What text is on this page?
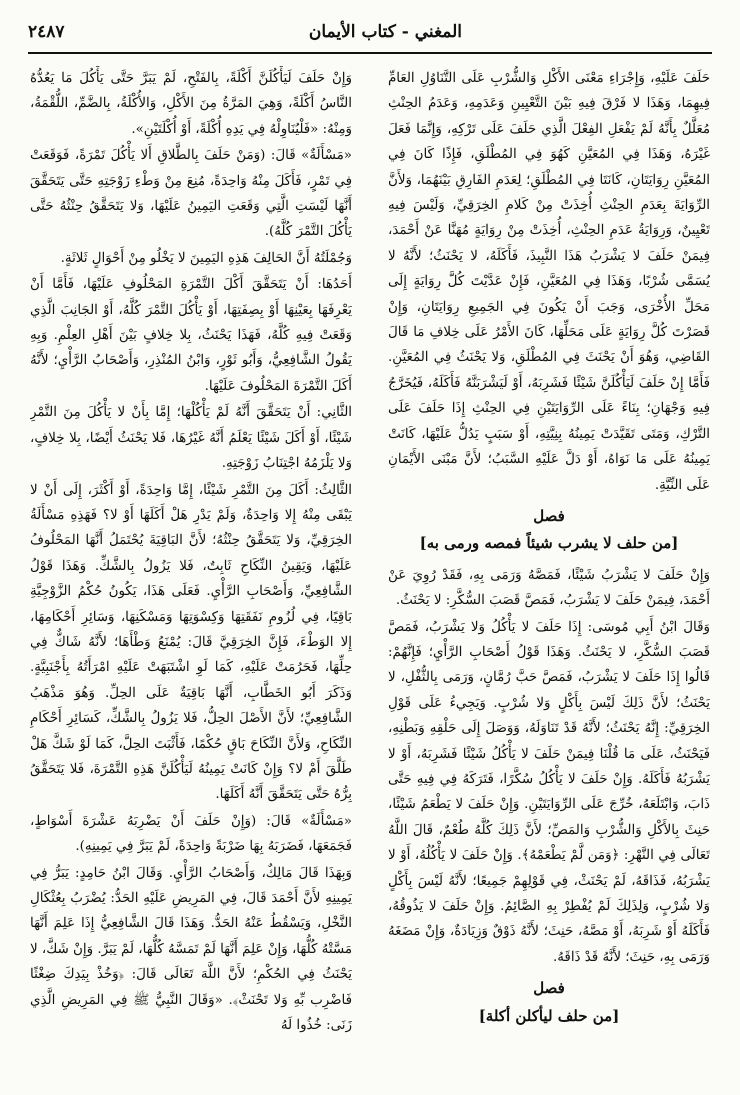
المغني - كتاب الأيمان
٢٤٨٧

حَلَفَ عَلَيْهِ، وَإِجْرَاءِ مَعْنَى الأَكْلِ وَالشُّرْبِ عَلَى التَّنَاوُلِ العَامِّ فِيهِمَا، وَهَذَا لا فَرْقَ فِيهِ بَيْنَ التَّعْيِينِ وَعَدَمِهِ، وَعَدَمُ الحِنْثِ مُعَلَّلٌ بِأَنَّهُ لَمْ يَفْعَلِ الفِعْلَ الَّذِي حَلَفَ عَلَى تَرْكِهِ، وَإِنَّمَا فَعَلَ غَيْرَهُ، وَهَذَا فِي المُعَيَّنِ كَهُوَ فِي المُطْلَقِ، فَإِذًا كَانَ فِي المُعَيَّنِ رِوَايَتَانِ، كَانَتَا فِي المُطْلَقِ؛ لِعَدَمِ الفَارِقِ بَيْنَهُمَا، وَلأَنَّ الرِّوَايَةَ بِعَدَمِ الحِنْثِ أُخِذَتْ مِنْ كَلامِ الخِرَقِيِّ، وَلَيْسَ فِيهِ تَعْيِينٌ، وَرِوَايَةُ عَدَمِ الحِنْثِ، أُخِذَتْ مِنْ رِوَايَةٍ مُهَنَّا عَنْ أَحْمَدَ، فِيمَنْ حَلَفَ لا يَشْرَبُ هَذَا النَّبِيذَ، فَأَكَلَهُ، لا يَحْنَثُ؛ لأَنَّهُ لا يُسَمَّى شُرْبًا، وَهَذَا فِي المُعَيَّنِ، فَإِنْ عَدَّيْتَ كُلَّ رِوَايَةٍ إِلَى مَحَلِّ الأُخْرَى، وَجَبَ أَنْ يَكُونَ فِي الجَمِيعِ رِوَايَتَانِ، وَإِنْ قَصَرْتَ كُلَّ رِوَايَةٍ عَلَى مَحَلِّهَا، كَانَ الأَمْرُ عَلَى خِلافِ مَا قَالَ القَاضِي، وَهُوَ أَنْ يَحْنَثَ فِي المُطْلَقِ، وَلا يَحْنَثُ فِي المُعَيَّنِ. فَأَمَّا إِنْ حَلَفَ لَيَأْكُلَنَّ شَيْئًا فَشَرِبَهُ، أَوْ لَيَشْرَبَنَّهُ فَأَكَلَهُ، فَيُخَرَّجُ فِيهِ وَجْهَانِ؛ بِنَاءً عَلَى الرِّوَايَتَيْنِ فِي الحِنْثِ إِذَا حَلَفَ عَلَى التَّرْكِ، وَمَتَى تَقَيَّدَتْ يَمِينُهُ بِنِيَّتِهِ، أَوْ سَبَبٍ يَدُلُّ عَلَيْهَا، كَانَتْ يَمِينُهُ عَلَى مَا نَوَاهُ، أَوْ دَلَّ عَلَيْهِ السَّبَبُ؛ لأَنَّ مَبْنَى الأَيْمَانِ عَلَى النِّيَّةِ.

فصل
[من حلف لا يشرب شيئاً فمصه ورمى به]

وَإِنْ حَلَفَ لا يَشْرَبُ شَيْئًا، فَمَصَّهُ وَرَمَى بِهِ، فَقَدْ رُوِيَ عَنْ أَحْمَدَ، فِيمَنْ حَلَفَ لا يَشْرَبُ، فَمَصَّ قَصَبَ السُّكَّرِ: لا يَحْنَثُ.

وَقَالَ ابْنُ أَبِي مُوسَى: إِذَا حَلَفَ لا يَأْكُلُ وَلا يَشْرَبُ، فَمَصَّ قَصَبَ السُّكَّرِ، لا يَحْنَثُ. وَهَذَا قَوْلُ أَصْحَابِ الرَّأْيِ؛ فَإِنَّهُمْ: قَالُوا إِذَا حَلَفَ لا يَشْرَبُ، فَمَصَّ حَبَّ رُمَّانٍ، وَرَمَى بِالثُّفْلِ، لا يَحْنَثُ؛ لأَنَّ ذَلِكَ لَيْسَ بِأَكْلٍ وَلا شُرْبٍ. وَيَجِيءُ عَلَى قَوْلِ الخِرَقِيِّ: إِنَّهُ يَحْنَثُ؛ لأَنَّهُ قَدْ تَنَاوَلَهُ، وَوَصَلَ إِلَى حَلْقِهِ وَبَطْنِهِ، فَيَحْنَثُ، عَلَى مَا قُلْنَا فِيمَنْ حَلَفَ لا يَأْكُلُ شَيْئًا فَشَرِبَهُ، أَوْ لا يَشْرَبُهُ فَأَكَلَهُ. وَإِنْ حَلَفَ لا يَأْكُلُ سُكَّرًا، فَتَرَكَهُ فِي فِيهِ حَتَّى ذَابَ، وَابْتَلَعَهُ، خُرِّجَ عَلَى الرِّوَايَتَيْنِ. وَإِنْ حَلَفَ لا يَطْعَمُ شَيْئًا، حَنِثَ بِالأَكْلِ وَالشُّرْبِ وَالمَصِّ؛ لأَنَّ ذَلِكَ كُلَّهُ طُعْمٌ، قَالَ اللَّهُ تَعَالَى فِي النَّهْرِ: ﴿وَمَن لَّمْ يَطْعَمْهُ﴾. وَإِنْ حَلَفَ لا يَأْكُلُهُ، أَوْ لا يَشْرَبُهُ، فَذَاقَهُ، لَمْ يَحْنَثْ، فِي قَوْلِهِمْ جَمِيعًا؛ لأَنَّهُ لَيْسَ بِأَكْلٍ وَلا شُرْبٍ، وَلِذَلِكَ لَمْ يُفْطِرْ بِهِ الصَّائِمُ. وَإِنْ حَلَفَ لا يَذُوقُهُ، فَأَكَلَهُ أَوْ شَرِبَهُ، أَوْ مَصَّهُ، حَنِثَ؛ لأَنَّهُ ذَوْقٌ وَزِيَادَةٌ، وَإِنْ مَضَغَهُ وَرَمَى بِهِ، حَنِثَ؛ لأَنَّهُ قَدْ ذَاقَهُ.

فصل
[من حلف ليأكلن أكلة]

وَإِنْ حَلَفَ لَيَأْكُلَنَّ أَكْلَةً، بِالفَتْحِ، لَمْ يَبَرَّ حَتَّى يَأْكُلَ مَا يَعُدُّهُ النَّاسُ أَكْلَةً، وَهِيَ المَرَّةُ مِنَ الأَكْلِ، وَالأُكْلَةُ، بِالضَّمِّ، اللُّقْمَةُ، وَمِنْهُ: «فَلْيُنَاوِلْهُ فِي يَدِهِ أُكْلَةً، أَوْ أُكْلَتَيْنِ».

«مَسْأَلَةٌ» قَالَ: (وَمَنْ حَلَفَ بِالطَّلاقِ أَلا يَأْكُلَ تَمْرَةً، فَوَقَعَتْ فِي تَمْرٍ، فَأَكَلَ مِنْهُ وَاحِدَةً، مُنِعَ مِنْ وَطْءِ زَوْجَتِهِ حَتَّى يَتَحَقَّقَ أَنَّهَا لَيْسَتِ الَّتِي وَقَعَتِ اليَمِينُ عَلَيْهَا، وَلا يَتَحَقَّقُ حِنْثُهُ حَتَّى يَأْكُلَ التَّمْرَ كُلَّهُ).

وَجُمْلَتُهُ أَنَّ الحَالِفَ هَذِهِ اليَمِينَ لا يَخْلُو مِنْ أَحْوَالٍ ثَلاثَةٍ.

أَحَدُهَا: أَنْ يَتَحَقَّقَ أَكْلَ التَّمْرَةِ المَحْلُوفِ عَلَيْهَا، فَأَمَّا أَنْ يَعْرِفَهَا بِعَيْنِهَا أَوْ بِصِفَتِهَا، أَوْ يَأْكُلَ التَّمْرَ كُلَّهُ، أَوْ الجَانِبَ الَّذِي وَقَعَتْ فِيهِ كُلَّهُ، فَهَذَا يَحْنَثُ، بِلا خِلافٍ بَيْنَ أَهْلِ العِلْمِ. وَبِهِ يَقُولُ الشَّافِعِيُّ، وَأَبُو ثَوْرٍ، وَابْنُ المُنْذِرِ، وَأَصْحَابُ الرَّأْيِ؛ لأَنَّهُ أَكَلَ التَّمْرَةَ المَحْلُوفَ عَلَيْهَا.

الثَّانِي: أَنْ يَتَحَقَّقَ أَنَّهُ لَمْ يَأْكُلْهَا؛ إِمَّا بِأَنْ لا يَأْكُلَ مِنَ التَّمْرِ شَيْئًا، أَوْ أَكَلَ شَيْئًا يَعْلَمُ أَنَّهُ غَيْرُهَا، فَلا يَحْنَثُ أَيْضًا، بِلا خِلافٍ، وَلا يَلْزَمُهُ اجْتِنَابُ زَوْجَتِهِ.

الثَّالِثُ: أَكَلَ مِنَ التَّمْرِ شَيْئًا، إِمَّا وَاحِدَةً، أَوْ أَكْثَرَ، إِلَى أَنْ لا يَبْقَى مِنْهُ إِلا وَاحِدَةٌ، وَلَمْ يَدْرِ هَلْ أَكَلَهَا أَوْ لا؟ فَهَذِهِ مَسْأَلَةُ الخِرَقِيِّ، وَلا يَتَحَقَّقُ حِنْثُهُ؛ لأَنَّ البَاقِيَةَ يُحْتَمَلُ أَنَّهَا المَحْلُوفُ عَلَيْهَا، وَيَقِينُ النِّكَاحِ ثَابِتٌ، فَلا يَزُولُ بِالشَّكِّ. وَهَذَا قَوْلُ الشَّافِعِيِّ، وَأَصْحَابِ الرَّأْيِ. فَعَلَى هَذَا، يَكُونُ حُكْمُ الزَّوْجِيَّةِ بَاقِيًا، فِي لُزُومِ نَفَقَتِهَا وَكِسْوَتِهَا وَمَسْكَنِهَا، وَسَائِرِ أَحْكَامِهَا، إِلا الوَطْءَ، فَإِنَّ الخِرَقِيَّ قَالَ: يُمْنَعُ وَطْأَهَا؛ لأَنَّهُ شَاكٌّ فِي حِلِّهَا، فَحَرُمَتْ عَلَيْهِ، كَمَا لَوِ اشْتَبَهَتْ عَلَيْهِ امْرَأَتُهُ بِأَجْنَبِيَّةٍ. وَذَكَرَ أَبُو الخَطَّابِ، أَنَّهَا بَاقِيَةٌ عَلَى الحِلِّ. وَهُوَ مَذْهَبُ الشَّافِعِيِّ؛ لأَنَّ الأَصْلَ الحِلُّ، فَلا يَزُولُ بِالشَّكِّ، كَسَائِرِ أَحْكَامِ النِّكَاحِ، وَلأَنَّ النِّكَاحَ بَاقٍ حُكْمًا، فَأَثْبَتَ الحِلَّ، كَمَا لَوْ شَكَّ هَلْ طَلَّقَ أَمْ لا؟ وَإِنْ كَانَتْ يَمِينُهُ لَيَأْكُلَنَّ هَذِهِ التَّمْرَةَ، فَلا يَتَحَقَّقُ بِرُّهُ حَتَّى يَتَحَقَّقَ أَنَّهُ أَكَلَهَا.

«مَسْأَلَةٌ» قَالَ: (وَإِنْ حَلَفَ أَنْ يَضْرِبَهُ عَشْرَةَ أَسْوَاطٍ، فَجَمَعَهَا، فَضَرَبَهُ بِهَا ضَرْبَةً وَاحِدَةً، لَمْ يَبَرَّ فِي يَمِينِهِ).

وَبِهَذَا قَالَ مَالِكٌ، وَأَصْحَابُ الرَّأْيِ. وَقَالَ ابْنُ حَامِدٍ: يَبَرُّ فِي يَمِينِهِ لأَنَّ أَحْمَدَ قَالَ، فِي المَرِيضِ عَلَيْهِ الحَدُّ: يُضْرَبُ بِعُثْكَالِ النَّخْلِ، وَيَسْقُطُ عَنْهُ الحَدُّ. وَهَذَا قَالَ الشَّافِعِيُّ إِذَا عَلِمَ أَنَّهَا مَسَّتْهُ كُلُّهَا، وَإِنْ عَلِمَ أَنَّهَا لَمْ تَمَسَّهُ كُلُّهَا، لَمْ يَبَرَّ. وَإِنْ شَكَّ، لا يَحْنَثُ فِي الحُكْمِ؛ لأَنَّ اللَّهَ تَعَالَى قَالَ: ﴿وَخُذْ بِيَدِكَ ضِغْثًا فَاضْرِب بِّهِ وَلا تَحْنَثْ﴾. «وَقَالَ النَّبِيُّ ﷺ فِي المَرِيضِ الَّذِي زَنَى: خُذُوا لَهُ
